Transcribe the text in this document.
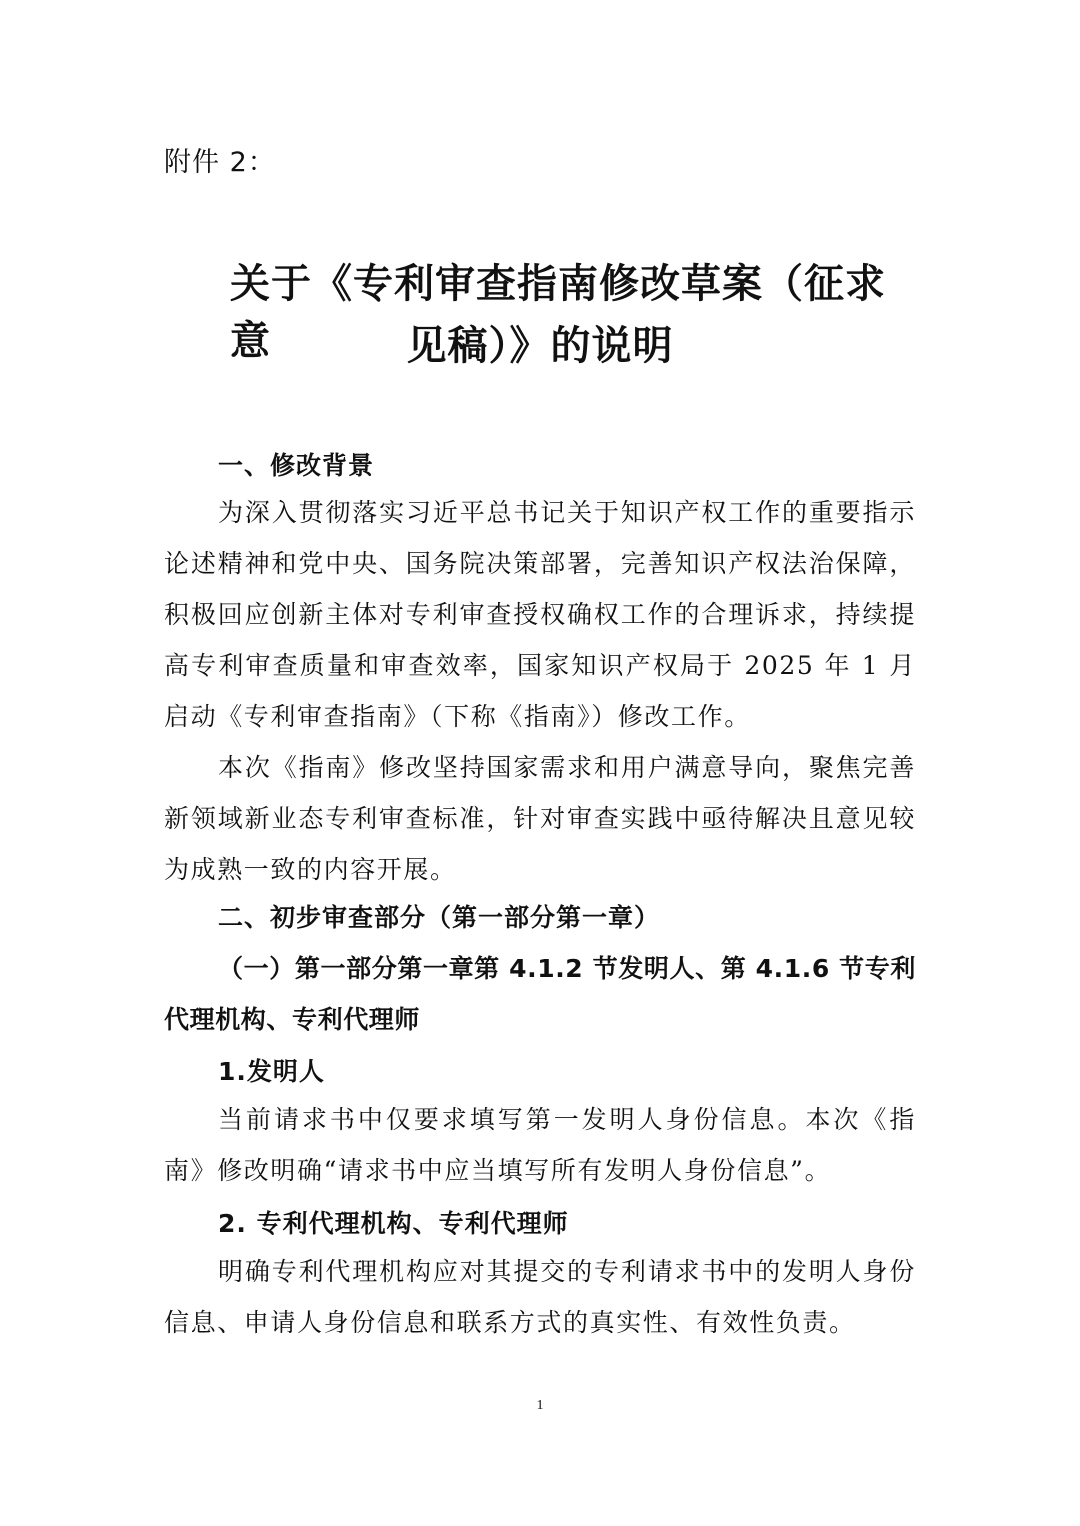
附件 2：
关于《专利审查指南修改草案（征求意	见稿）》的说明
一、修改背景
为深入贯彻落实习近平总书记关于知识产权工作的重要指示论述精神和党中央、国务院决策部署，完善知识产权法治保障，积极回应创新主体对专利审查授权确权工作的合理诉求，持续提高专利审查质量和审查效率，国家知识产权局于 2025 年 1 月启动《专利审查指南》（下称《指南》）修改工作。
本次《指南》修改坚持国家需求和用户满意导向，聚焦完善新领域新业态专利审查标准，针对审查实践中亟待解决且意见较为成熟一致的内容开展。
二、初步审查部分（第一部分第一章）
（一）第一部分第一章第 4.1.2 节发明人、第 4.1.6 节专利代理机构、专利代理师
1.发明人
当前请求书中仅要求填写第一发明人身份信息。本次《指南》修改明确“请求书中应当填写所有发明人身份信息”。
2. 专利代理机构、专利代理师
明确专利代理机构应对其提交的专利请求书中的发明人身份信息、申请人身份信息和联系方式的真实性、有效性负责。
1
